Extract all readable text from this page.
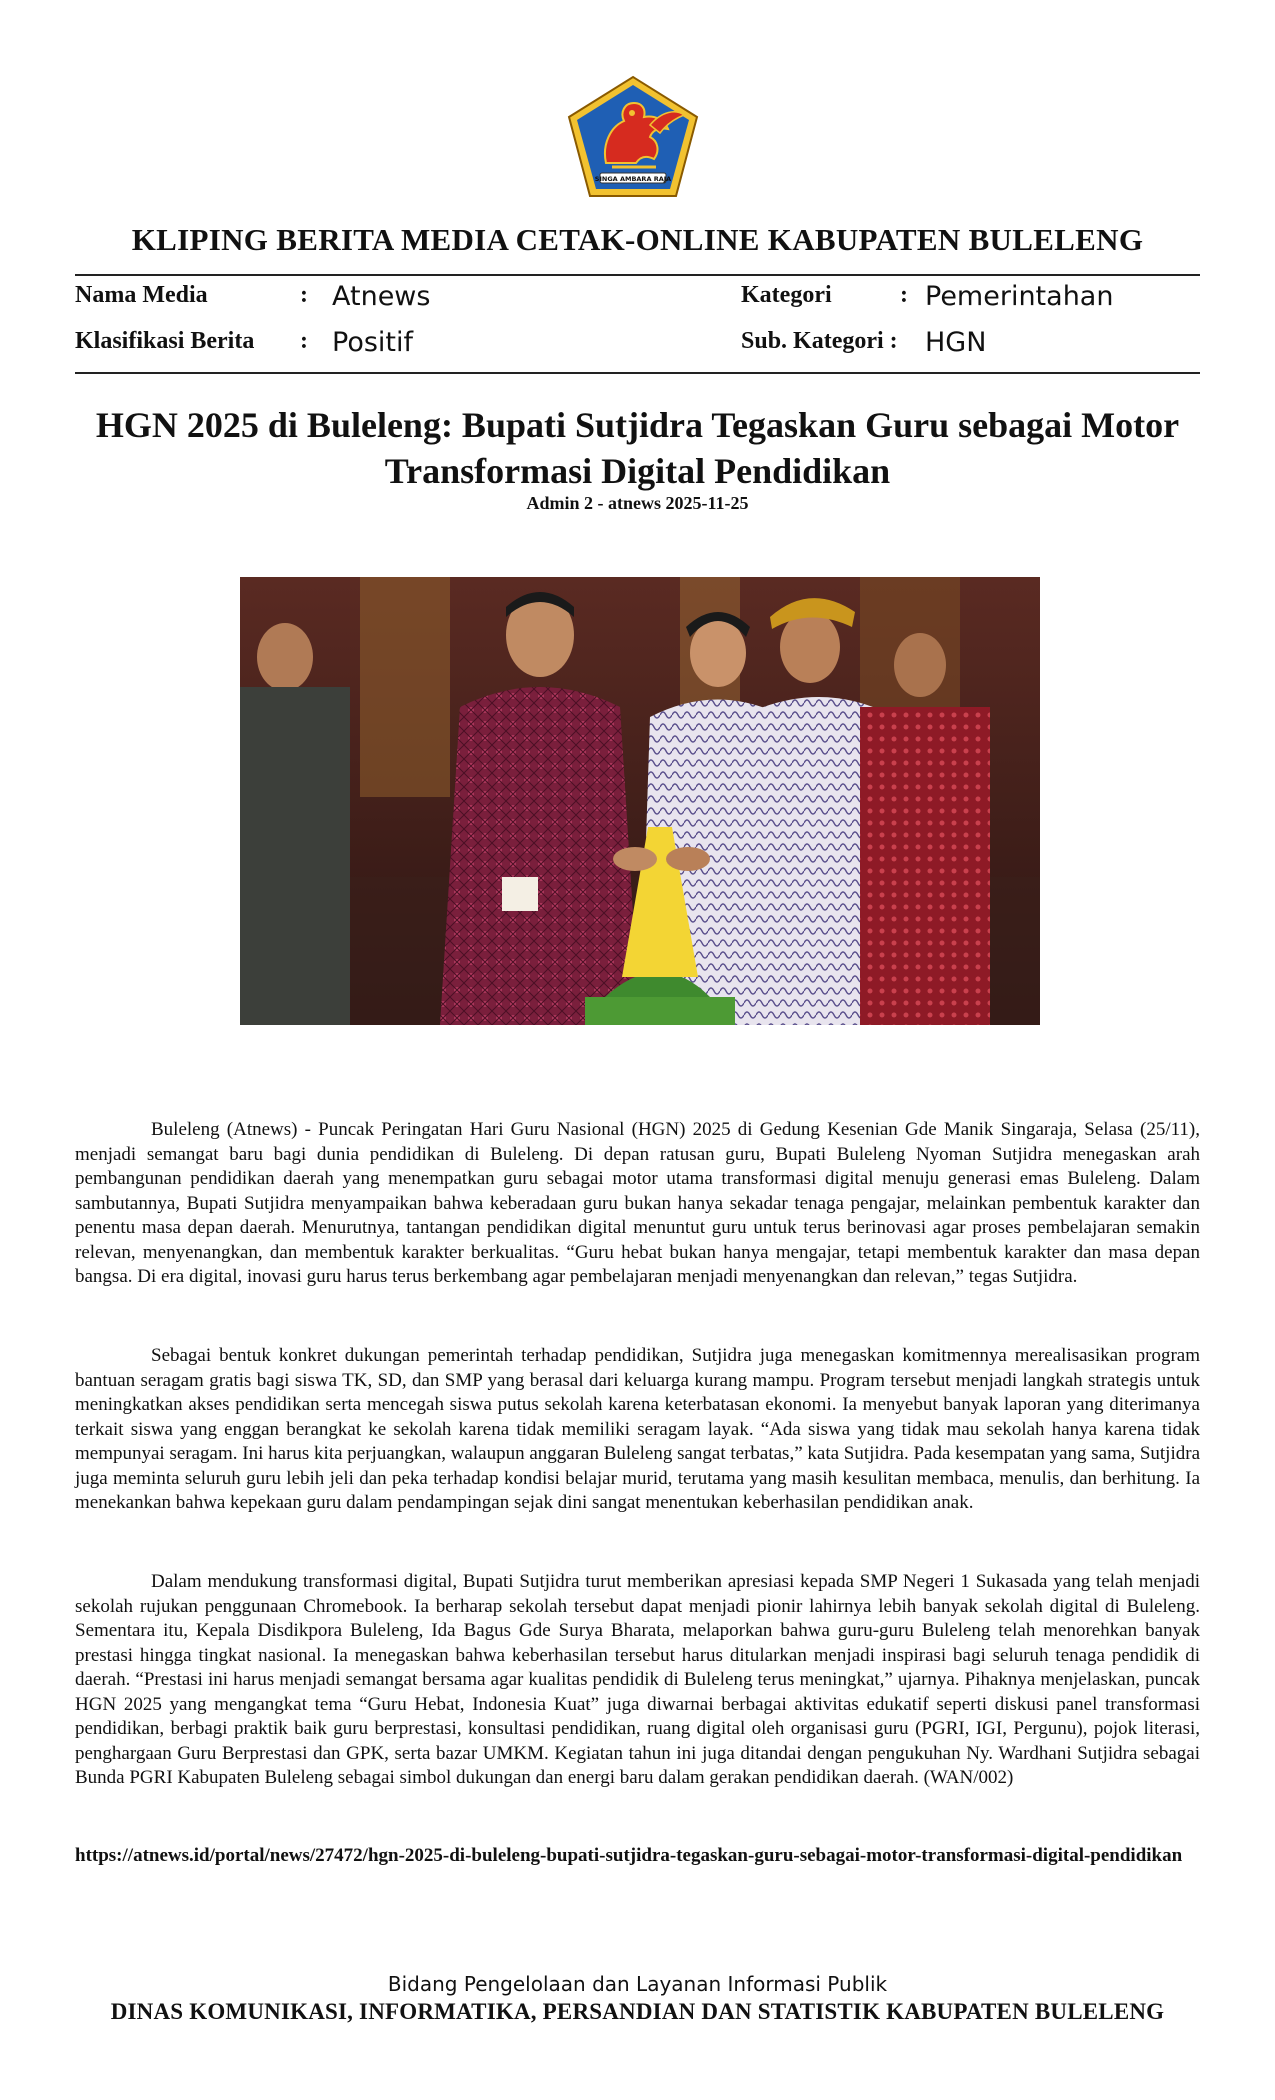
SINGA AMBARA RAJA
KLIPING BERITA MEDIA CETAK-ONLINE KABUPATEN BULELENG
Nama Media	: Atnews	Kategori	: Pemerintahan
Klasifikasi Berita : Positif	Sub. Kategori : HGN
HGN 2025 di Buleleng: Bupati Sutjidra Tegaskan Guru sebagai Motor Transformasi Digital Pendidikan
Admin 2 - atnews 2025-11-25

Buleleng (Atnews) - Puncak Peringatan Hari Guru Nasional (HGN) 2025 di Gedung Kesenian Gde Manik Singaraja, Selasa (25/11), menjadi semangat baru bagi dunia pendidikan di Buleleng. Di depan ratusan guru, Bupati Buleleng Nyoman Sutjidra menegaskan arah pembangunan pendidikan daerah yang menempatkan guru sebagai motor utama transformasi digital menuju generasi emas Buleleng. Dalam sambutannya, Bupati Sutjidra menyampaikan bahwa keberadaan guru bukan hanya sekadar tenaga pengajar, melainkan pembentuk karakter dan penentu masa depan daerah. Menurutnya, tantangan pendidikan digital menuntut guru untuk terus berinovasi agar proses pembelajaran semakin relevan, menyenangkan, dan membentuk karakter berkualitas. “Guru hebat bukan hanya mengajar, tetapi membentuk karakter dan masa depan bangsa. Di era digital, inovasi guru harus terus berkembang agar pembelajaran menjadi menyenangkan dan relevan,” tegas Sutjidra.

Sebagai bentuk konkret dukungan pemerintah terhadap pendidikan, Sutjidra juga menegaskan komitmennya merealisasikan program bantuan seragam gratis bagi siswa TK, SD, dan SMP yang berasal dari keluarga kurang mampu. Program tersebut menjadi langkah strategis untuk meningkatkan akses pendidikan serta mencegah siswa putus sekolah karena keterbatasan ekonomi. Ia menyebut banyak laporan yang diterimanya terkait siswa yang enggan berangkat ke sekolah karena tidak memiliki seragam layak. “Ada siswa yang tidak mau sekolah hanya karena tidak mempunyai seragam. Ini harus kita perjuangkan, walaupun anggaran Buleleng sangat terbatas,” kata Sutjidra. Pada kesempatan yang sama, Sutjidra juga meminta seluruh guru lebih jeli dan peka terhadap kondisi belajar murid, terutama yang masih kesulitan membaca, menulis, dan berhitung. Ia menekankan bahwa kepekaan guru dalam pendampingan sejak dini sangat menentukan keberhasilan pendidikan anak.

Dalam mendukung transformasi digital, Bupati Sutjidra turut memberikan apresiasi kepada SMP Negeri 1 Sukasada yang telah menjadi sekolah rujukan penggunaan Chromebook. Ia berharap sekolah tersebut dapat menjadi pionir lahirnya lebih banyak sekolah digital di Buleleng. Sementara itu, Kepala Disdikpora Buleleng, Ida Bagus Gde Surya Bharata, melaporkan bahwa guru-guru Buleleng telah menorehkan banyak prestasi hingga tingkat nasional. Ia menegaskan bahwa keberhasilan tersebut harus ditularkan menjadi inspirasi bagi seluruh tenaga pendidik di daerah. “Prestasi ini harus menjadi semangat bersama agar kualitas pendidik di Buleleng terus meningkat,” ujarnya. Pihaknya menjelaskan, puncak HGN 2025 yang mengangkat tema “Guru Hebat, Indonesia Kuat” juga diwarnai berbagai aktivitas edukatif seperti diskusi panel transformasi pendidikan, berbagi praktik baik guru berprestasi, konsultasi pendidikan, ruang digital oleh organisasi guru (PGRI, IGI, Pergunu), pojok literasi, penghargaan Guru Berprestasi dan GPK, serta bazar UMKM. Kegiatan tahun ini juga ditandai dengan pengukuhan Ny. Wardhani Sutjidra sebagai Bunda PGRI Kabupaten Buleleng sebagai simbol dukungan dan energi baru dalam gerakan pendidikan daerah. (WAN/002)

https://atnews.id/portal/news/27472/hgn-2025-di-buleleng-bupati-sutjidra-tegaskan-guru-sebagai-motor-transformasi-digital-pendidikan
Bidang Pengelolaan dan Layanan Informasi Publik
DINAS KOMUNIKASI, INFORMATIKA, PERSANDIAN DAN STATISTIK KABUPATEN BULELENG
